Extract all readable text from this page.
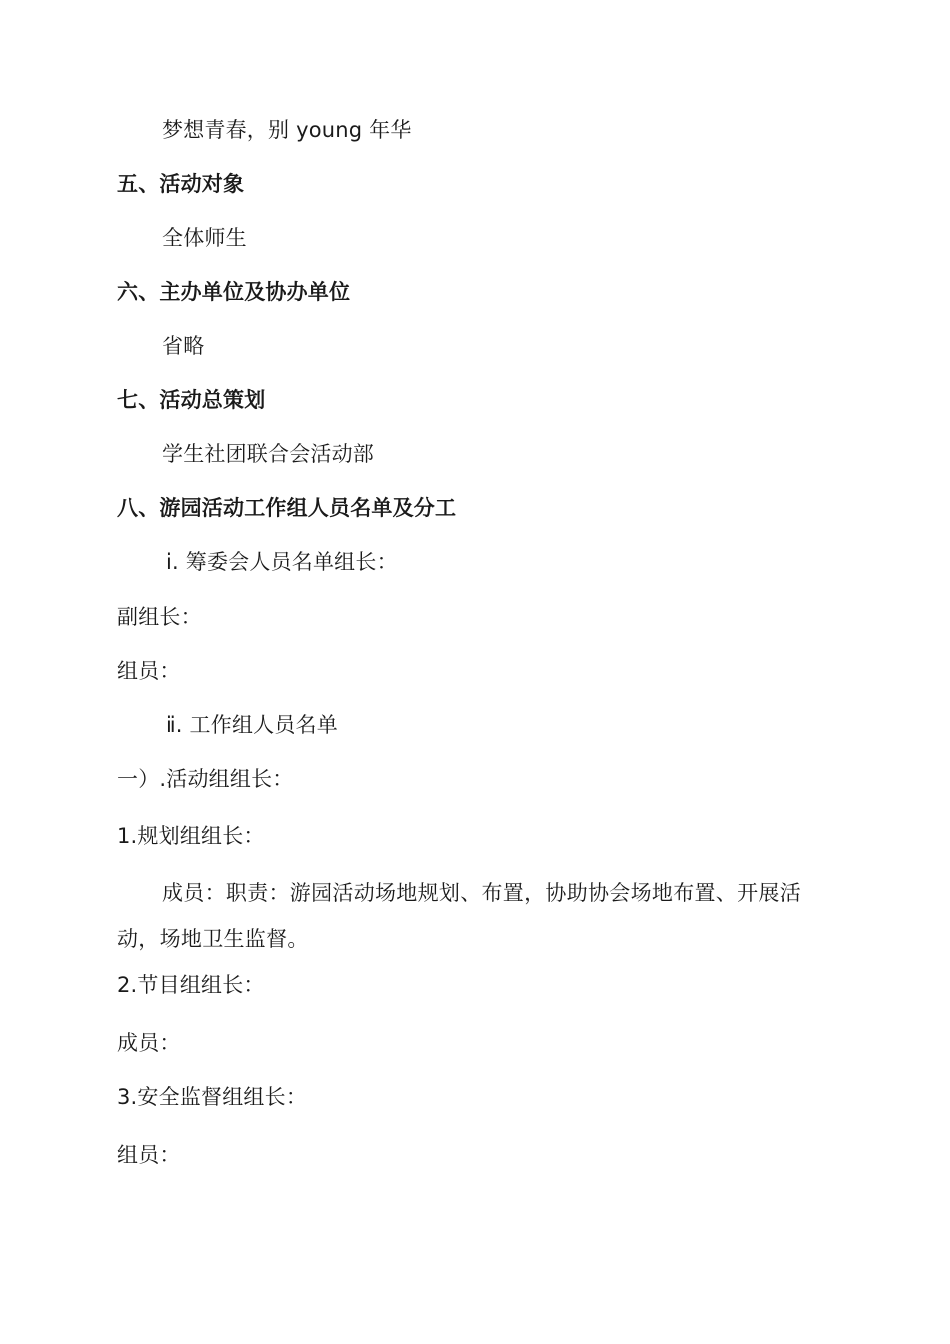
梦想青春，别 young 年华
五、活动对象
全体师生
六、主办单位及协办单位
省略
七、活动总策划
学生社团联合会活动部
八、游园活动工作组人员名单及分工
ⅰ. 筹委会人员名单组长：
副组长：
组员：
ⅱ. 工作组人员名单
一）.活动组组长：
1.规划组组长：
成员：职责：游园活动场地规划、布置，协助协会场地布置、开展活动，场地卫生监督。
2.节目组组长：
成员：
3.安全监督组组长：
组员：
